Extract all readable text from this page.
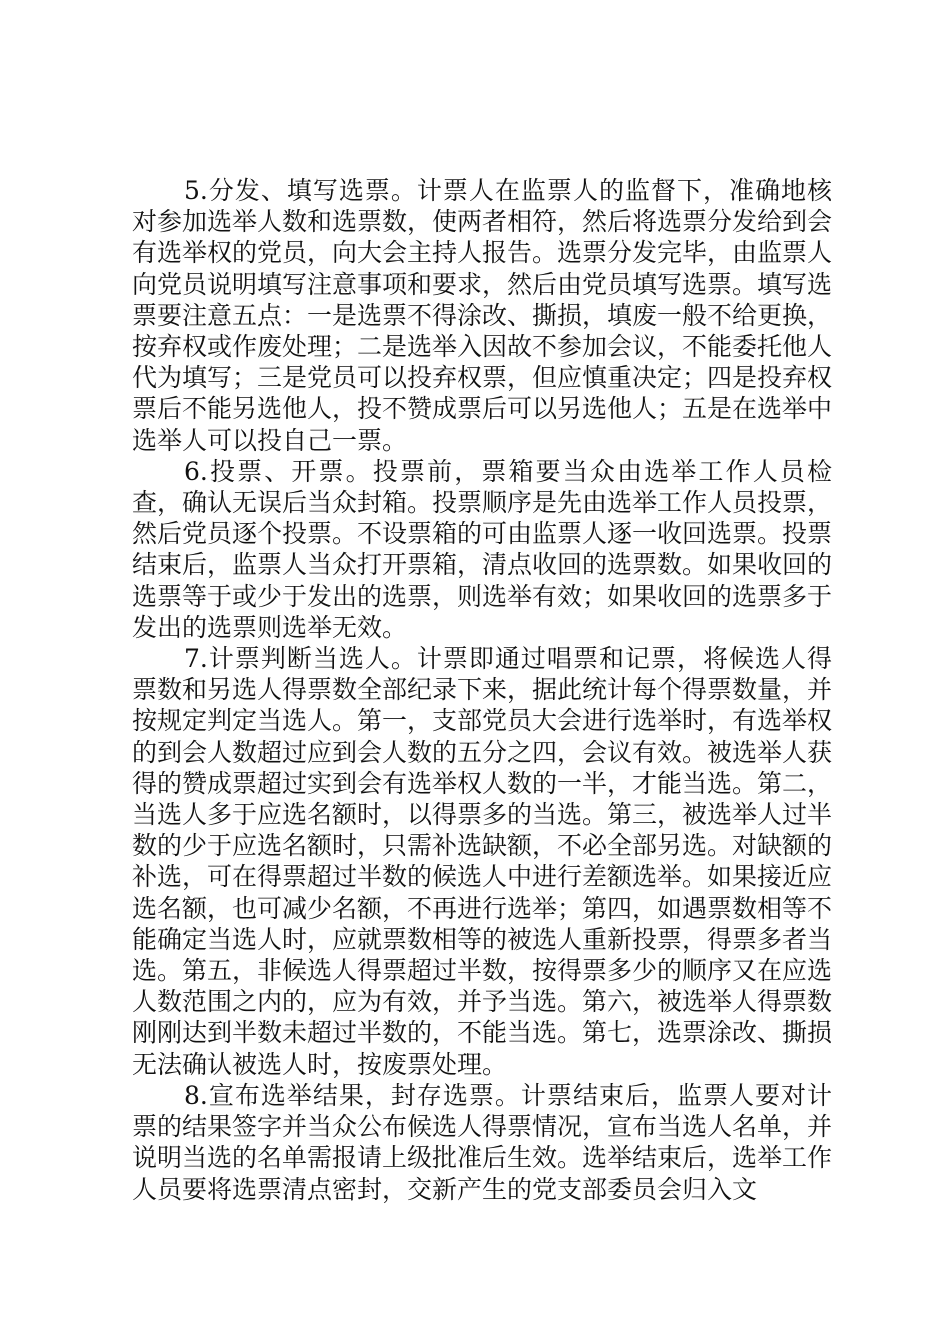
5.分发、填写选票。计票人在监票人的监督下，准确地核对参加选举人数和选票数，使两者相符，然后将选票分发给到会有选举权的党员，向大会主持人报告。选票分发完毕，由监票人向党员说明填写注意事项和要求，然后由党员填写选票。填写选票要注意五点：一是选票不得涂改、撕损，填废一般不给更换，按弃权或作废处理；二是选举入因故不参加会议，不能委托他人代为填写；三是党员可以投弃权票，但应慎重决定；四是投弃权票后不能另选他人，投不赞成票后可以另选他人；五是在选举中选举人可以投自己一票。

6.投票、开票。投票前，票箱要当众由选举工作人员检查，确认无误后当众封箱。投票顺序是先由选举工作人员投票，然后党员逐个投票。不设票箱的可由监票人逐一收回选票。投票结束后，监票人当众打开票箱，清点收回的选票数。如果收回的选票等于或少于发出的选票，则选举有效；如果收回的选票多于发出的选票则选举无效。

7.计票判断当选人。计票即通过唱票和记票，将候选人得票数和另选人得票数全部纪录下来，据此统计每个得票数量，并按规定判定当选人。第一，支部党员大会进行选举时，有选举权的到会人数超过应到会人数的五分之四，会议有效。被选举人获得的赞成票超过实到会有选举权人数的一半，才能当选。第二，当选人多于应选名额时，以得票多的当选。第三，被选举人过半数的少于应选名额时，只需补选缺额，不必全部另选。对缺额的补选，可在得票超过半数的候选人中进行差额选举。如果接近应选名额，也可减少名额，不再进行选举；第四，如遇票数相等不能确定当选人时，应就票数相等的被选人重新投票，得票多者当选。第五，非候选人得票超过半数，按得票多少的顺序又在应选人数范围之内的，应为有效，并予当选。第六，被选举人得票数刚刚达到半数未超过半数的，不能当选。第七，选票涂改、撕损无法确认被选人时，按废票处理。

8.宣布选举结果，封存选票。计票结束后，监票人要对计票的结果签字并当众公布候选人得票情况，宣布当选人名单，并说明当选的名单需报请上级批准后生效。选举结束后，选举工作人员要将选票清点密封，交新产生的党支部委员会归入文
